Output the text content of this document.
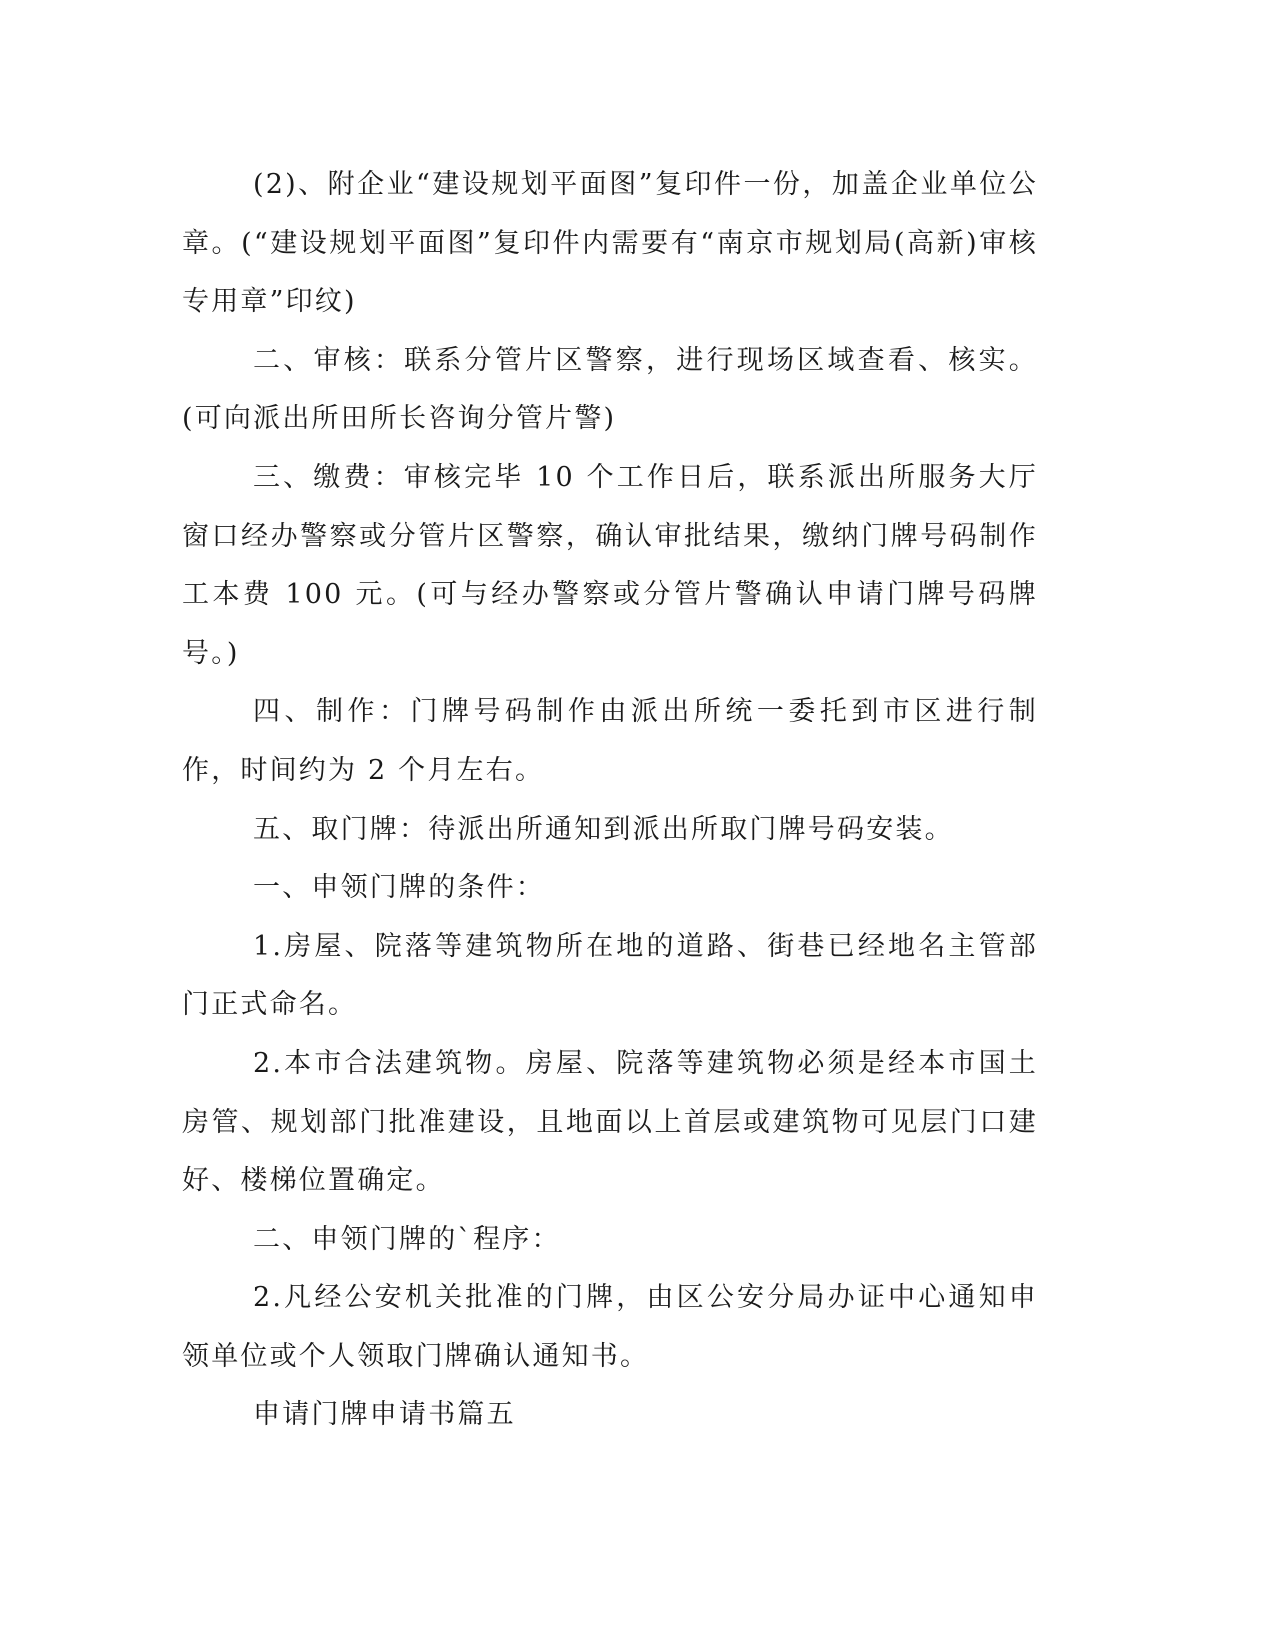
(2)、附企业“建设规划平面图”复印件一份，加盖企业单位公章。(“建设规划平面图”复印件内需要有“南京市规划局(高新)审核专用章”印纹)

二、审核：联系分管片区警察，进行现场区域查看、核实。(可向派出所田所长咨询分管片警)

三、缴费：审核完毕 10 个工作日后，联系派出所服务大厅窗口经办警察或分管片区警察，确认审批结果，缴纳门牌号码制作工本费 100 元。(可与经办警察或分管片警确认申请门牌号码牌号。)

四、制作：门牌号码制作由派出所统一委托到市区进行制作，时间约为 2 个月左右。

五、取门牌：待派出所通知到派出所取门牌号码安装。

一、申领门牌的条件：

1.房屋、院落等建筑物所在地的道路、街巷已经地名主管部门正式命名。

2.本市合法建筑物。房屋、院落等建筑物必须是经本市国土房管、规划部门批准建设，且地面以上首层或建筑物可见层门口建好、楼梯位置确定。

二、申领门牌的`程序：

2.凡经公安机关批准的门牌，由区公安分局办证中心通知申领单位或个人领取门牌确认通知书。

申请门牌申请书篇五
